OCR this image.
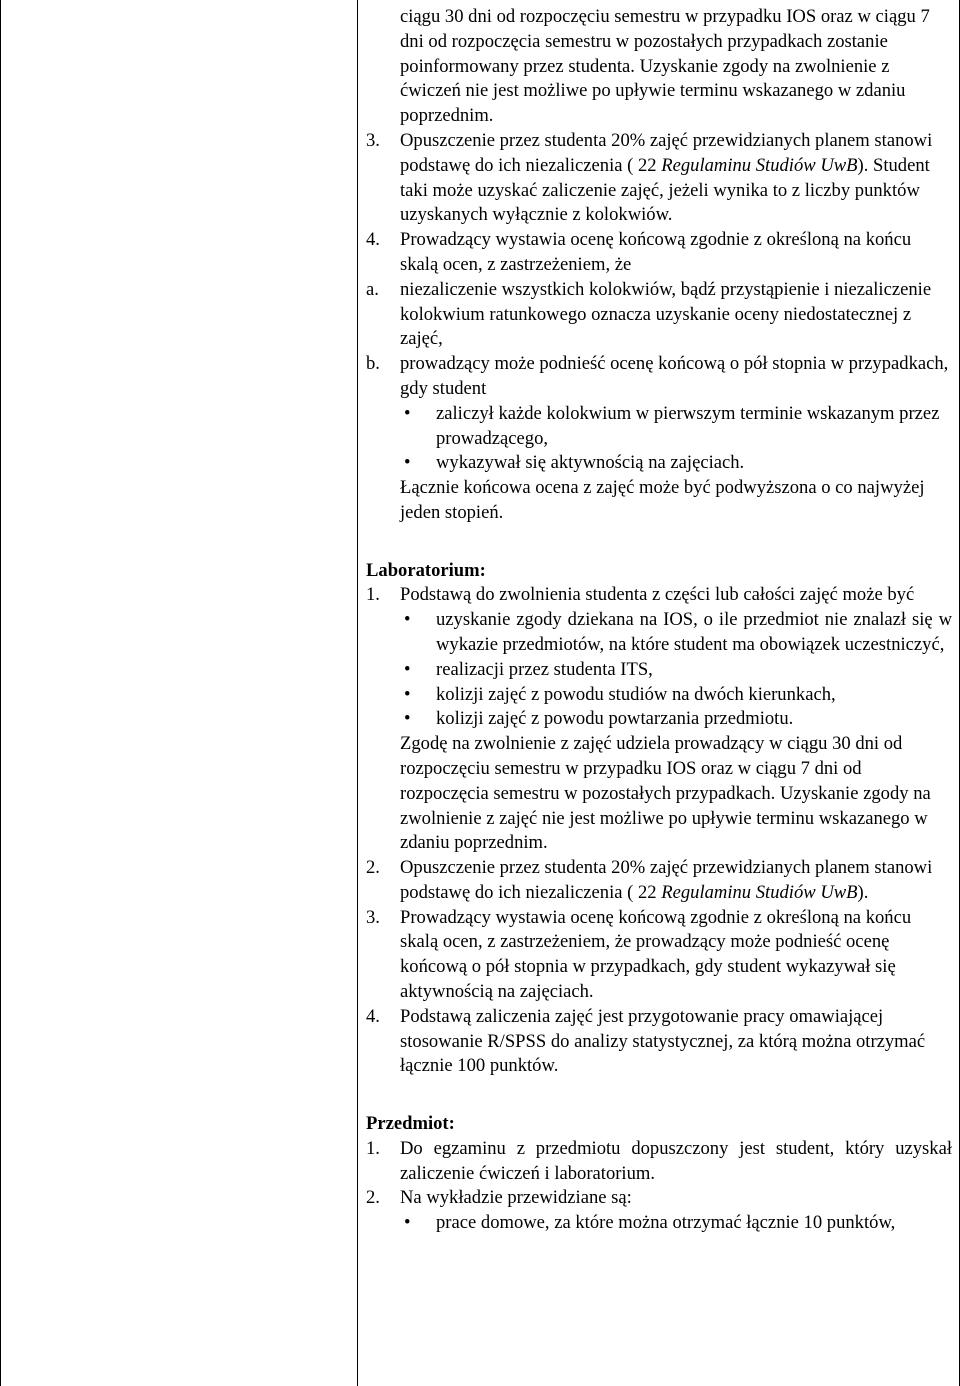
ciągu 30 dni od rozpoczęciu semestru w przypadku IOS oraz w ciągu 7 dni od rozpoczęcia semestru w pozostałych przypadkach zostanie poinformowany przez studenta. Uzyskanie zgody na zwolnienie z ćwiczeń nie jest możliwe po upływie terminu wskazanego w zdaniu poprzednim.

3. Opuszczenie przez studenta 20% zajęć przewidzianych planem stanowi podstawę do ich niezaliczenia ( 22 Regulaminu Studiów UwB). Student taki może uzyskać zaliczenie zajęć, jeżeli wynika to z liczby punktów uzyskanych wyłącznie z kolokwiów.
4. Prowadzący wystawia ocenę końcową zgodnie z określoną na końcu skalą ocen, z zastrzeżeniem, że
a. niezaliczenie wszystkich kolokwiów, bądź przystąpienie i niezaliczenie kolokwium ratunkowego oznacza uzyskanie oceny niedostatecznej z zajęć,
b. prowadzący może podnieść ocenę końcową o pół stopnia w przypadkach, gdy student
• zaliczył każde kolokwium w pierwszym terminie wskazanym przez prowadzącego,
• wykazywał się aktywnością na zajęciach.

Łącznie końcowa ocena z zajęć może być podwyższona o co najwyżej jeden stopień.

Laboratorium:

1. Podstawą do zwolnienia studenta z części lub całości zajęć może być
• uzyskanie zgody dziekana na IOS, o ile przedmiot nie znalazł się w wykazie przedmiotów, na które student ma obowiązek uczestniczyć,
• realizacji przez studenta ITS,
• kolizji zajęć z powodu studiów na dwóch kierunkach,
• kolizji zajęć z powodu powtarzania przedmiotu.

Zgodę na zwolnienie z zajęć udziela prowadzący w ciągu 30 dni od rozpoczęciu semestru w przypadku IOS oraz w ciągu 7 dni od rozpoczęcia semestru w pozostałych przypadkach. Uzyskanie zgody na zwolnienie z zajęć nie jest możliwe po upływie terminu wskazanego w zdaniu poprzednim.

2. Opuszczenie przez studenta 20% zajęć przewidzianych planem stanowi podstawę do ich niezaliczenia ( 22 Regulaminu Studiów UwB).
3. Prowadzący wystawia ocenę końcową zgodnie z określoną na końcu skalą ocen, z zastrzeżeniem, że prowadzący może podnieść ocenę końcową o pół stopnia w przypadkach, gdy student wykazywał się aktywnością na zajęciach.
4. Podstawą zaliczenia zajęć jest przygotowanie pracy omawiającej stosowanie R/SPSS do analizy statystycznej, za którą można otrzymać łącznie 100 punktów.

Przedmiot:

1. Do egzaminu z przedmiotu dopuszczony jest student, który uzyskał zaliczenie ćwiczeń i laboratorium.
2. Na wykładzie przewidziane są:
• prace domowe, za które można otrzymać łącznie 10 punktów,
